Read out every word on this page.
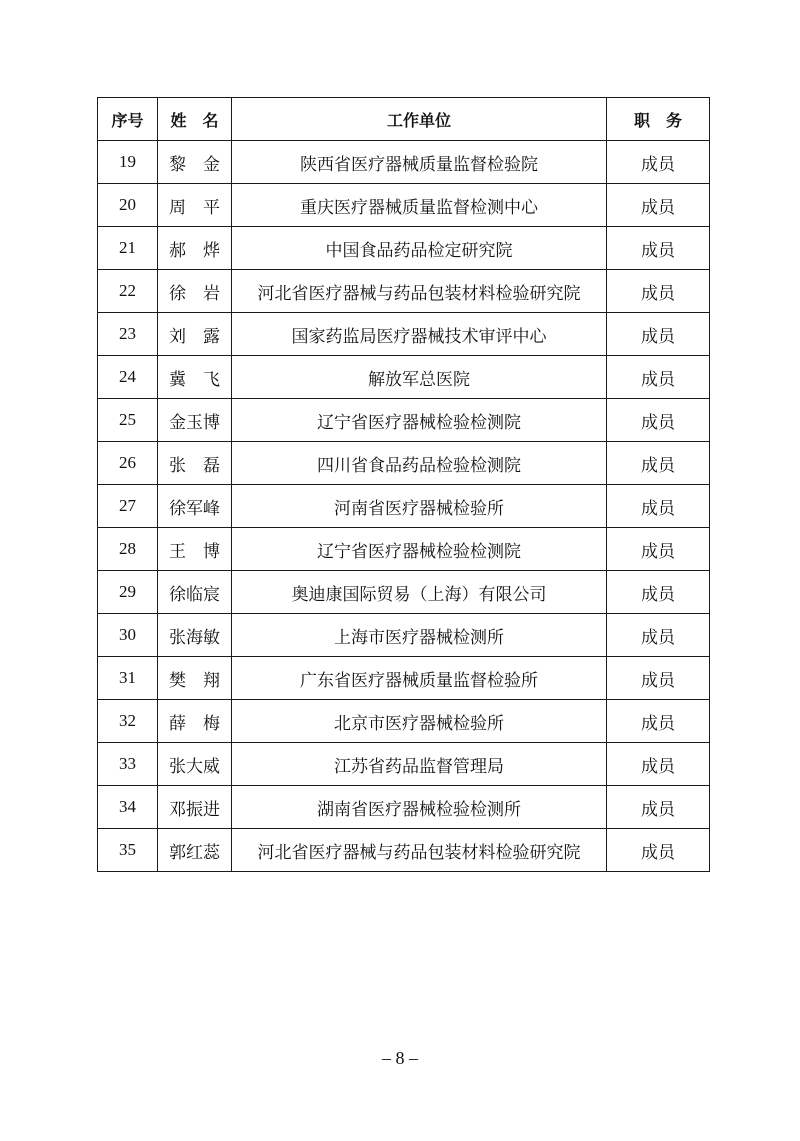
序号	姓　名	工作单位	职　务
19	黎　金	陕西省医疗器械质量监督检验院	成员
20	周　平	重庆医疗器械质量监督检测中心	成员
21	郝　烨	中国食品药品检定研究院	成员
22	徐　岩	河北省医疗器械与药品包装材料检验研究院	成员
23	刘　露	国家药监局医疗器械技术审评中心	成员
24	冀　飞	解放军总医院	成员
25	金玉博	辽宁省医疗器械检验检测院	成员
26	张　磊	四川省食品药品检验检测院	成员
27	徐军峰	河南省医疗器械检验所	成员
28	王　博	辽宁省医疗器械检验检测院	成员
29	徐临宸	奥迪康国际贸易（上海）有限公司	成员
30	张海敏	上海市医疗器械检测所	成员
31	樊　翔	广东省医疗器械质量监督检验所	成员
32	薛　梅	北京市医疗器械检验所	成员
33	张大威	江苏省药品监督管理局	成员
34	邓振进	湖南省医疗器械检验检测所	成员
35	郭红蕊	河北省医疗器械与药品包装材料检验研究院	成员
– 8 –
